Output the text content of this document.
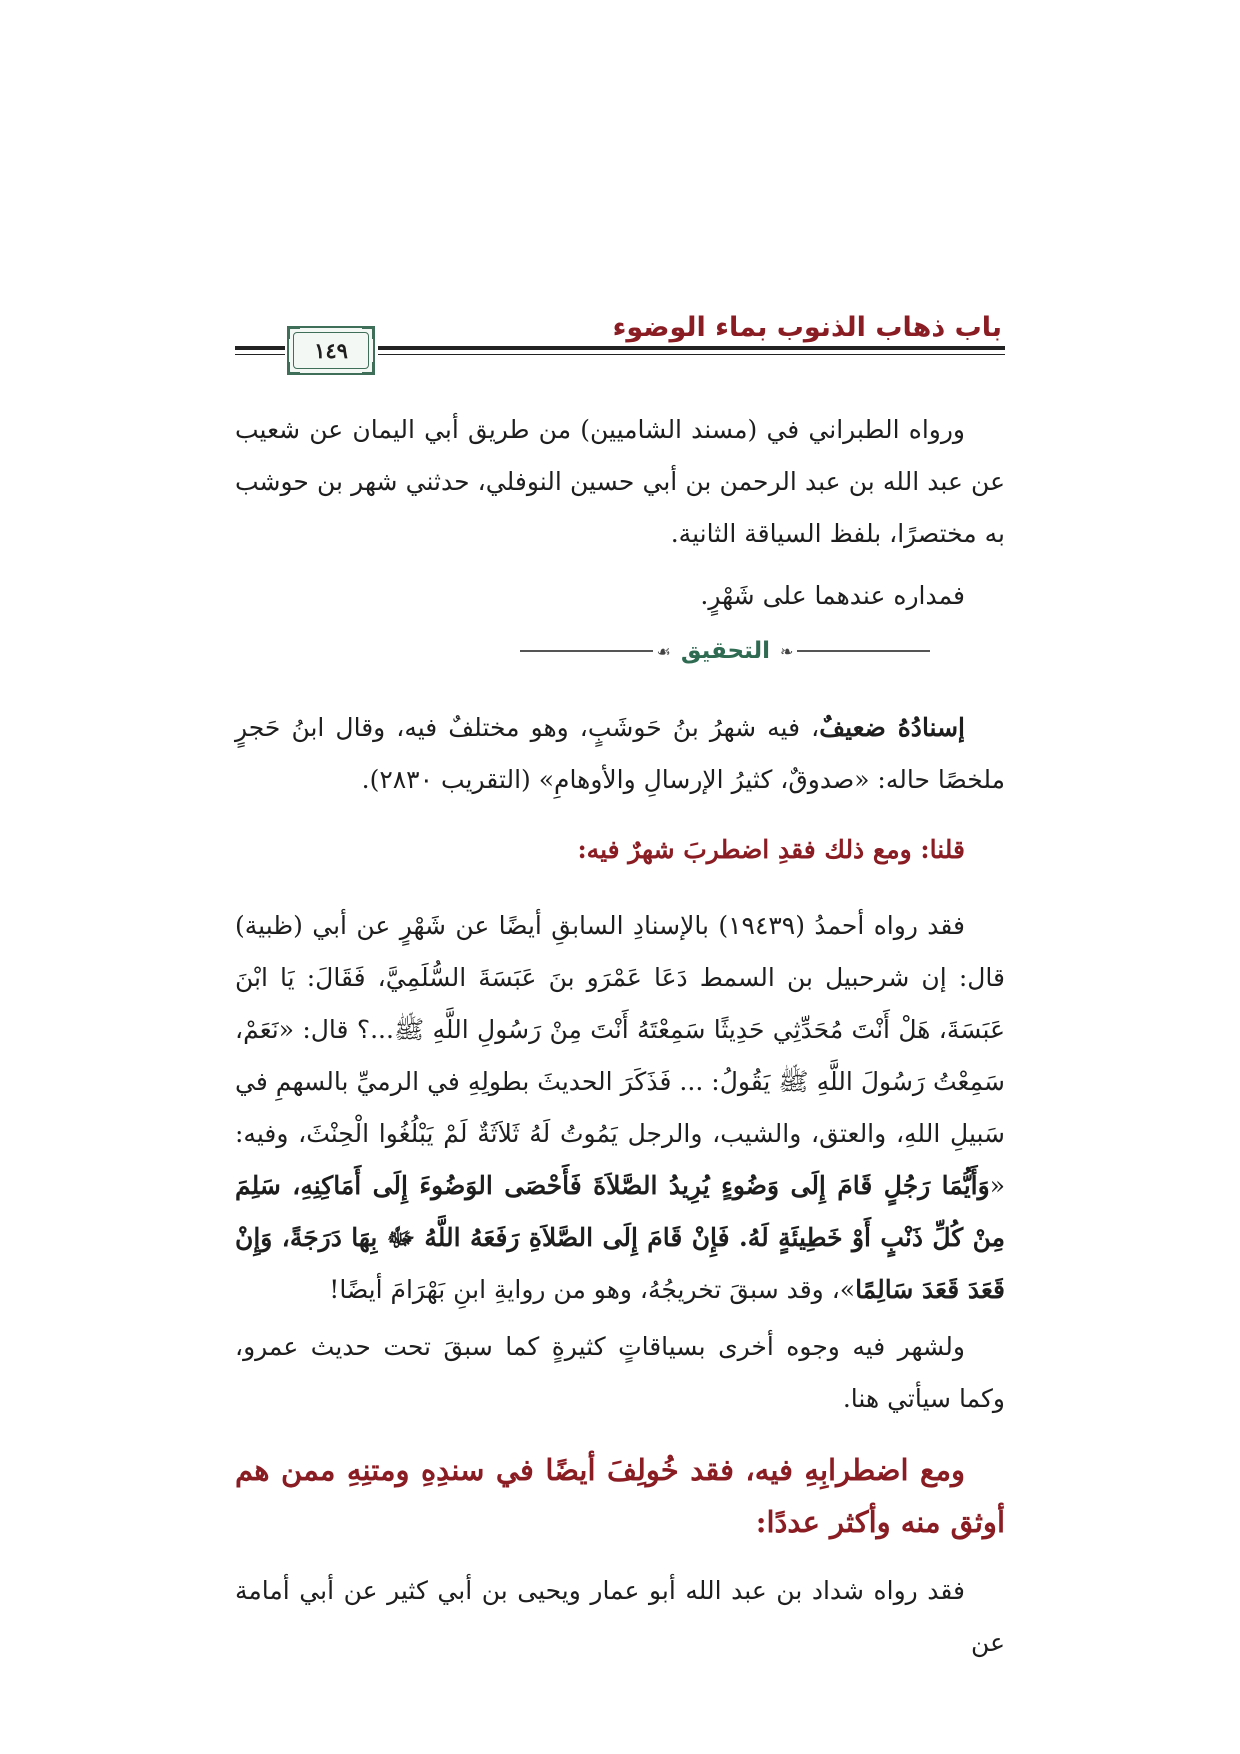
باب ذهاب الذنوب بماء الوضوء
١٤٩

ورواه الطبراني في (مسند الشاميين) من طريق أبي اليمان عن شعيب عن عبد الله بن عبد الرحمن بن أبي حسين النوفلي، حدثني شهر بن حوشب به مختصرًا، بلفظ السياقة الثانية.

فمداره عندهما على شَهْرٍ.

❧
التحقيق
☙

إسنادُهُ ضعيفٌ، فيه شهرُ بنُ حَوشَبٍ، وهو مختلفٌ فيه، وقال ابنُ حَجرٍ ملخصًا حاله: «صدوقٌ، كثيرُ الإرسالِ والأوهامِ» (التقريب ٢٨٣٠).

قلنا: ومع ذلك فقدِ اضطربَ شهرٌ فيه:

فقد رواه أحمدُ (١٩٤٣٩) بالإسنادِ السابقِ أيضًا عن شَهْرٍ عن أبي (ظبية) قال: إن شرحبيل بن السمط دَعَا عَمْرَو بنَ عَبَسَةَ السُّلَمِيَّ، فَقَالَ: يَا ابْنَ عَبَسَةَ، هَلْ أَنْتَ مُحَدِّثِي حَدِيثًا سَمِعْتَهُ أَنْتَ مِنْ رَسُولِ اللَّهِ ﷺ...؟ قال: «نَعَمْ، سَمِعْتُ رَسُولَ اللَّهِ ﷺ يَقُولُ: ... فَذَكَرَ الحديثَ بطولِهِ في الرميِّ بالسهمِ في سَبيلِ اللهِ، والعتق، والشيب، والرجل يَمُوتُ لَهُ ثَلاَثَةٌ لَمْ يَبْلُغُوا الْحِنْثَ، وفيه: «وَأَيُّمَا رَجُلٍ قَامَ إِلَى وَضُوءٍ يُرِيدُ الصَّلاَةَ فَأَحْصَى الوَضُوءَ إِلَى أَمَاكِنِهِ، سَلِمَ مِنْ كُلِّ ذَنْبٍ أَوْ خَطِيئَةٍ لَهُ. فَإِنْ قَامَ إِلَى الصَّلاَةِ رَفَعَهُ اللَّهُ ﷻ بِهَا دَرَجَةً، وَإِنْ قَعَدَ قَعَدَ سَالِمًا»، وقد سبقَ تخريجُهُ، وهو من روايةِ ابنِ بَهْرَامَ أيضًا!

ولشهر فيه وجوه أخرى بسياقاتٍ كثيرةٍ كما سبقَ تحت حديث عمرو، وكما سيأتي هنا.

ومع اضطرابِهِ فيه، فقد خُولِفَ أيضًا في سندِهِ ومتنِهِ ممن هم أوثق منه وأكثر عددًا:

فقد رواه شداد بن عبد الله أبو عمار ويحيى بن أبي كثير عن أبي أمامة عن
